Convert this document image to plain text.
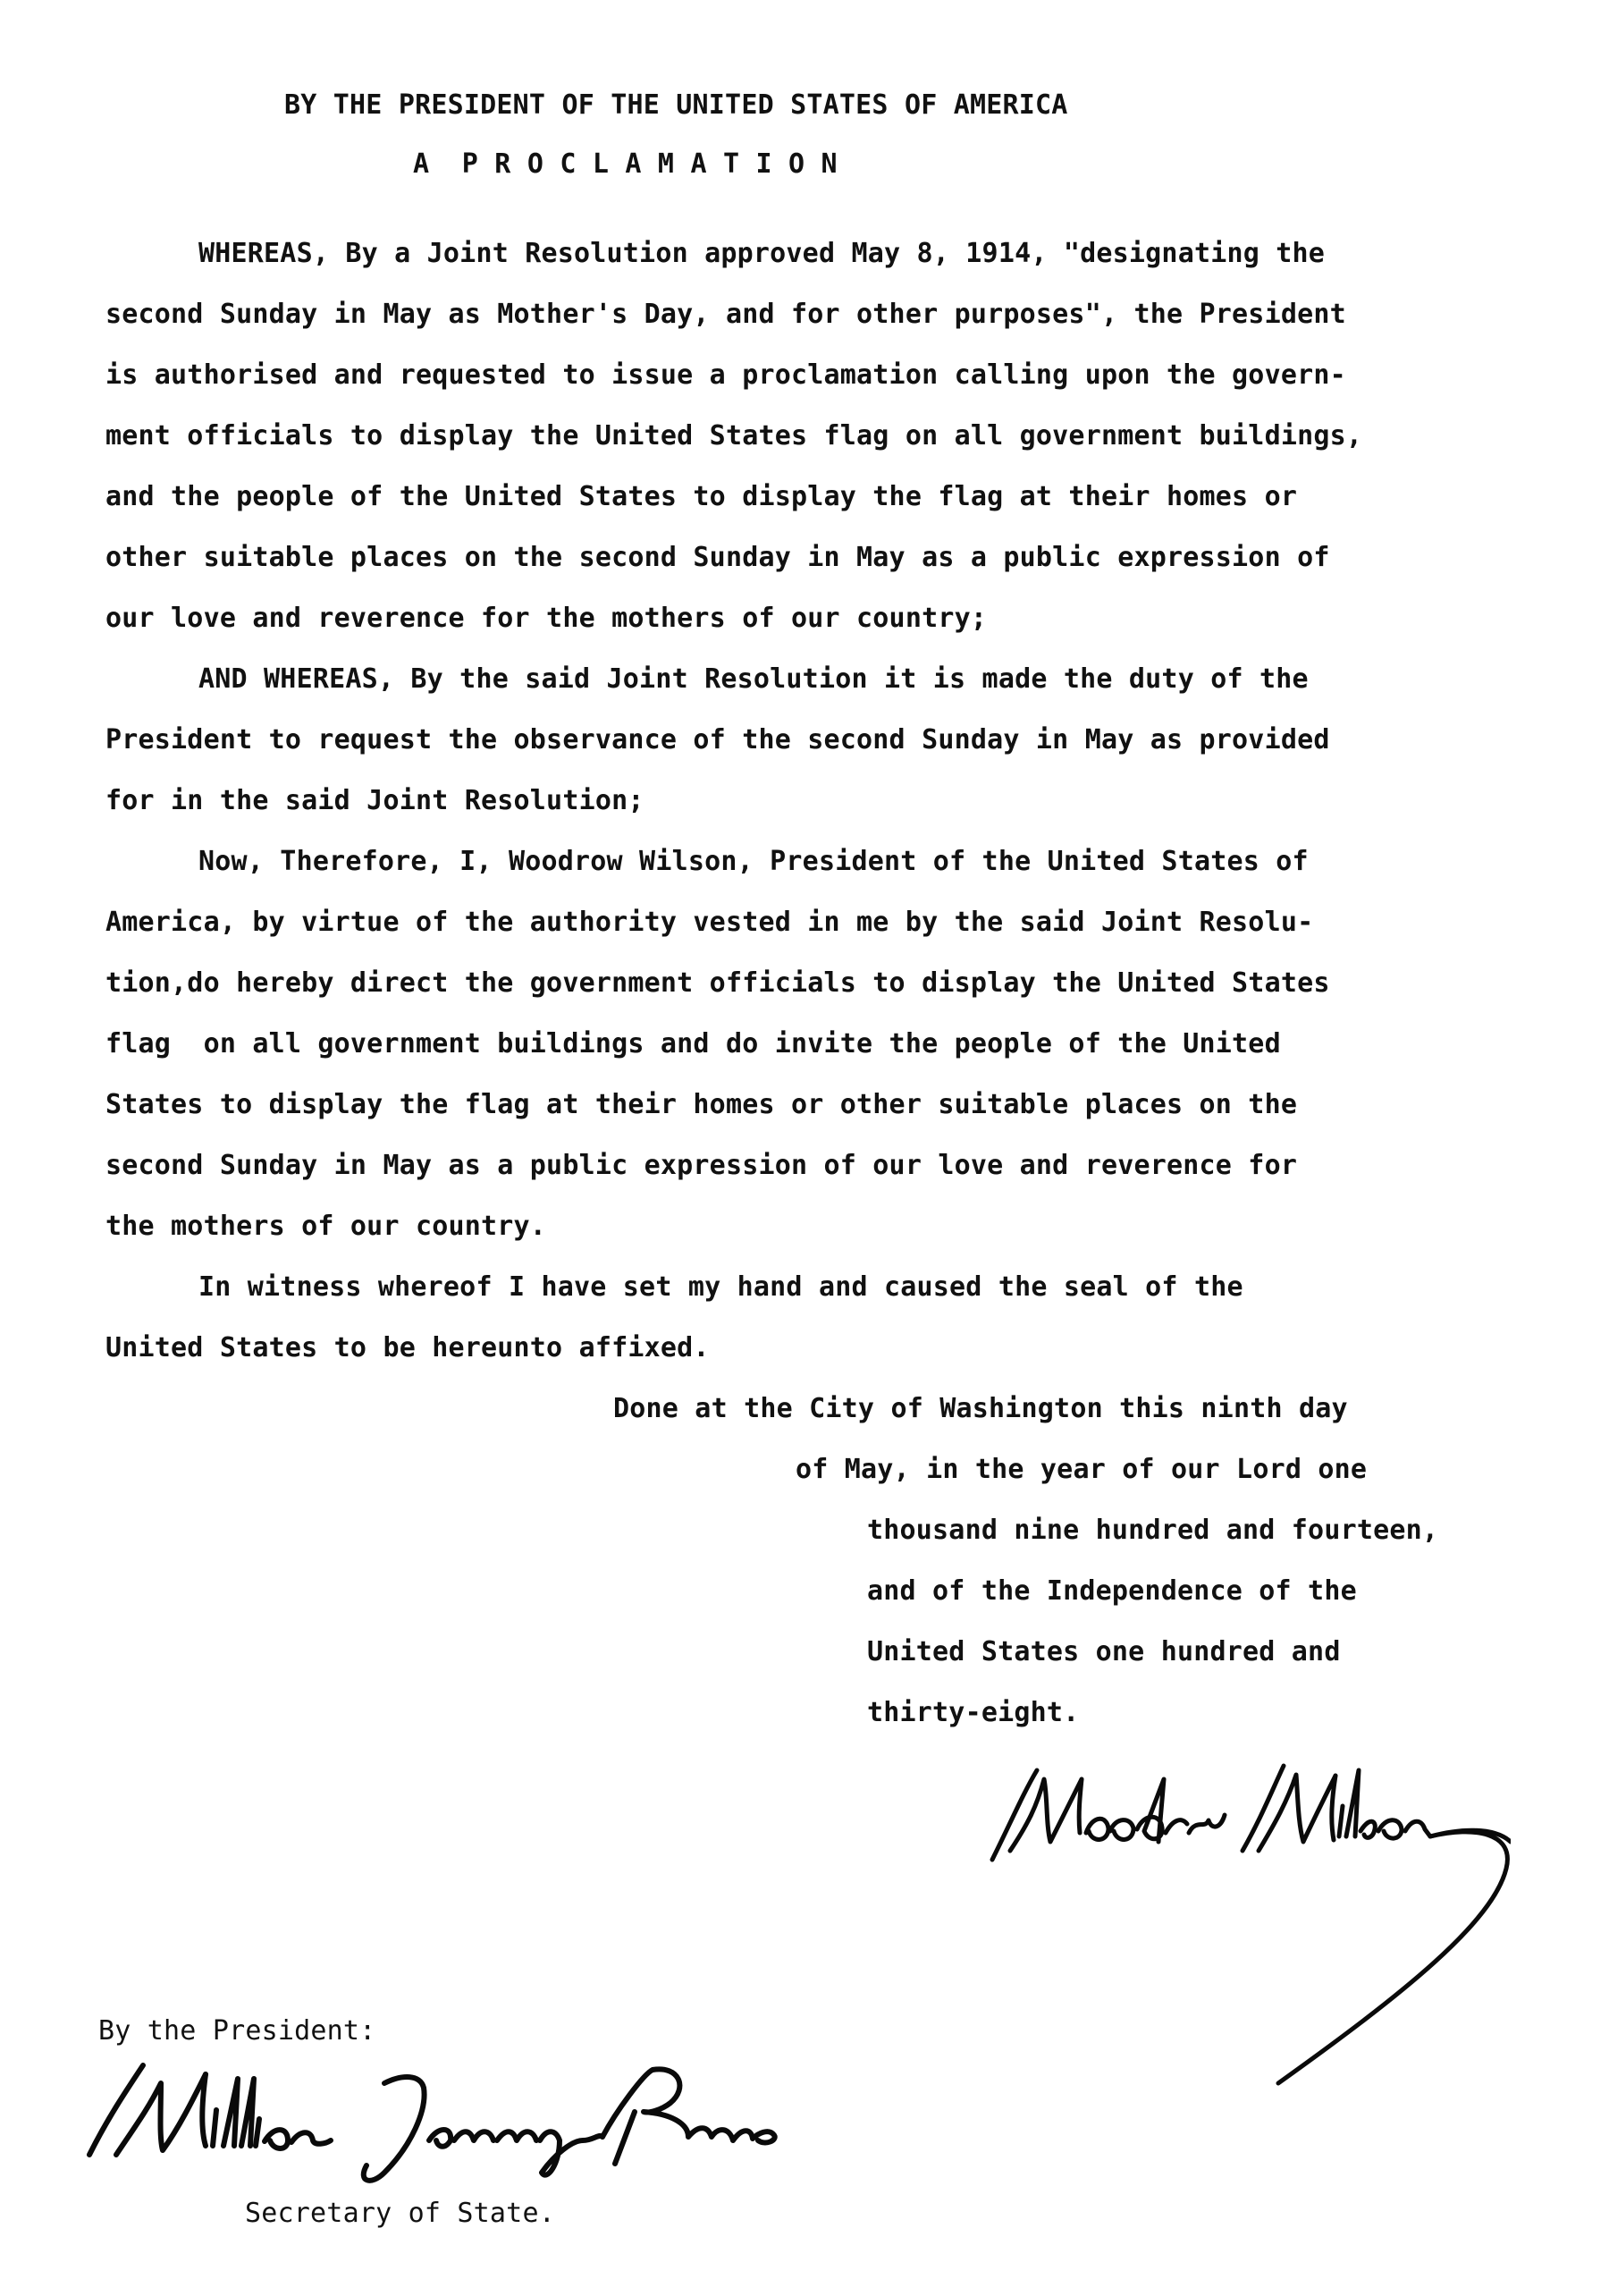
BY THE PRESIDENT OF THE UNITED STATES OF AMERICA
A  P R O C L A M A T I O N
WHEREAS, By a Joint Resolution approved May 8, 1914, "designating the
second Sunday in May as Mother's Day, and for other purposes", the President
is authorised and requested to issue a proclamation calling upon the govern-
ment officials to display the United States flag on all government buildings,
and the people of the United States to display the flag at their homes or
other suitable places on the second Sunday in May as a public expression of
our love and reverence for the mothers of our country;
AND WHEREAS, By the said Joint Resolution it is made the duty of the
President to request the observance of the second Sunday in May as provided
for in the said Joint Resolution;
Now, Therefore, I, Woodrow Wilson, President of the United States of
America, by virtue of the authority vested in me by the said Joint Resolu-
tion,do hereby direct the government officials to display the United States
flag  on all government buildings and do invite the people of the United
States to display the flag at their homes or other suitable places on the
second Sunday in May as a public expression of our love and reverence for
the mothers of our country.
In witness whereof I have set my hand and caused the seal of the
United States to be hereunto affixed.
Done at the City of Washington this ninth day
of May, in the year of our Lord one
thousand nine hundred and fourteen,
and of the Independence of the
United States one hundred and
thirty-eight.
By the President:
Secretary of State.
